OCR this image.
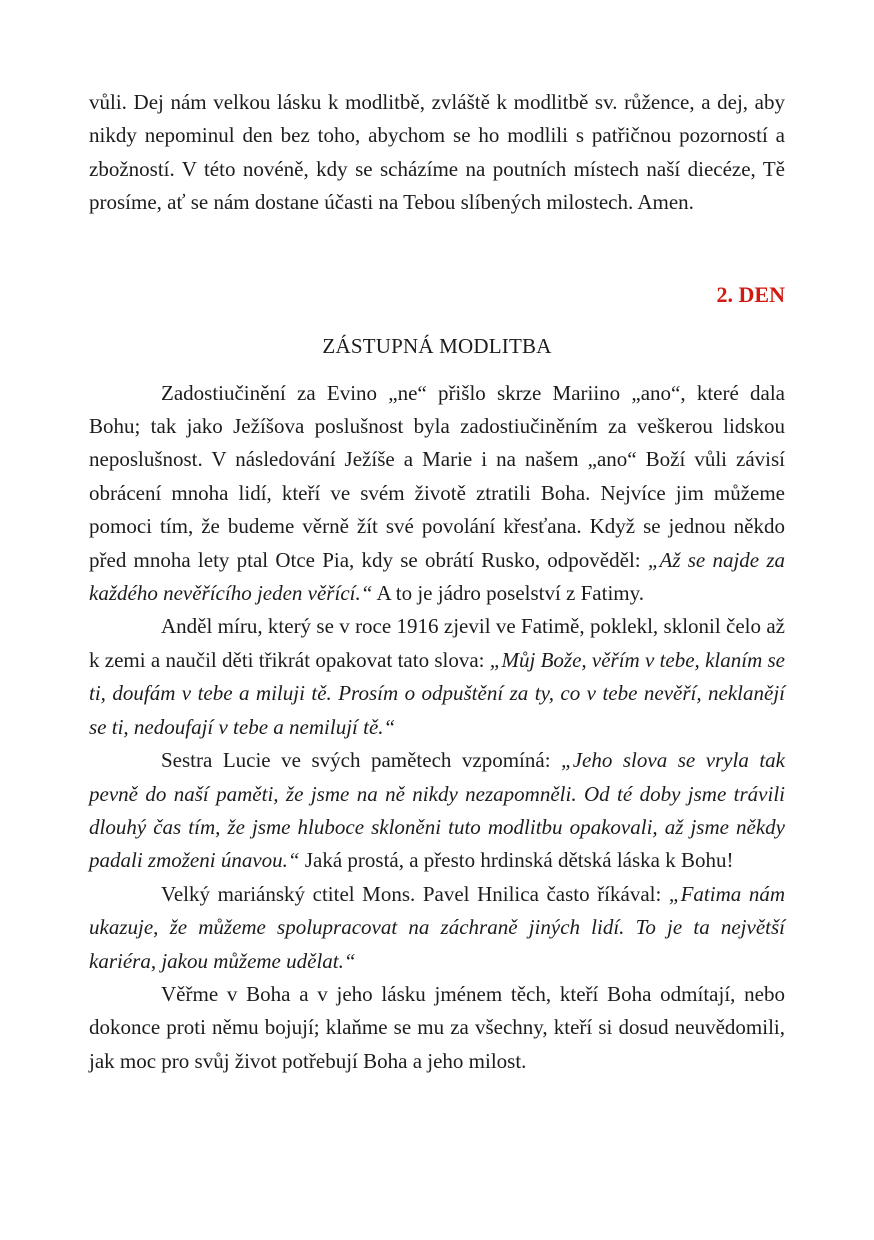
vůli. Dej nám velkou lásku k modlitbě, zvláště k modlitbě sv. růžence, a dej, aby nikdy nepominul den bez toho, abychom se ho modlili s patřičnou pozorností a zbožností. V této novéně, kdy se scházíme na poutních místech naší diecéze, Tě prosíme, ať se nám dostane účasti na Tebou slíbených milostech. Amen.

2. DEN
ZÁSTUPNÁ MODLITBA

Zadostiučinění za Evino „ne“ přišlo skrze Mariino „ano“, které dala Bohu; tak jako Ježíšova poslušnost byla zadostiučiněním za veškerou lidskou neposlušnost. V následování Ježíše a Marie i na našem „ano“ Boží vůli závisí obrácení mnoha lidí, kteří ve svém životě ztratili Boha. Nejvíce jim můžeme pomoci tím, že budeme věrně žít své povolání křesťana. Když se jednou někdo před mnoha lety ptal Otce Pia, kdy se obrátí Rusko, odpověděl: „Až se najde za každého nevěřícího jeden věřící.“ A to je jádro poselství z Fatimy.

Anděl míru, který se v roce 1916 zjevil ve Fatimě, poklekl, sklonil čelo až k zemi a naučil děti třikrát opakovat tato slova: „Můj Bože, věřím v tebe, klaním se ti, doufám v tebe a miluji tě. Prosím o odpuštění za ty, co v tebe nevěří, neklanějí se ti, nedoufají v tebe a nemilují tě.“

Sestra Lucie ve svých pamětech vzpomíná: „Jeho slova se vryla tak pevně do naší paměti, že jsme na ně nikdy nezapomněli. Od té doby jsme trávili dlouhý čas tím, že jsme hluboce skloněni tuto modlitbu opakovali, až jsme někdy padali zmoženi únavou.“ Jaká prostá, a přesto hrdinská dětská láska k Bohu!

Velký mariánský ctitel Mons. Pavel Hnilica často říkával: „Fatima nám ukazuje, že můžeme spolupracovat na záchraně jiných lidí. To je ta největší kariéra, jakou můžeme udělat.“

Věřme v Boha a v jeho lásku jménem těch, kteří Boha odmítají, nebo dokonce proti němu bojují; klaňme se mu za všechny, kteří si dosud neuvědomili, jak moc pro svůj život potřebují Boha a jeho milost.
